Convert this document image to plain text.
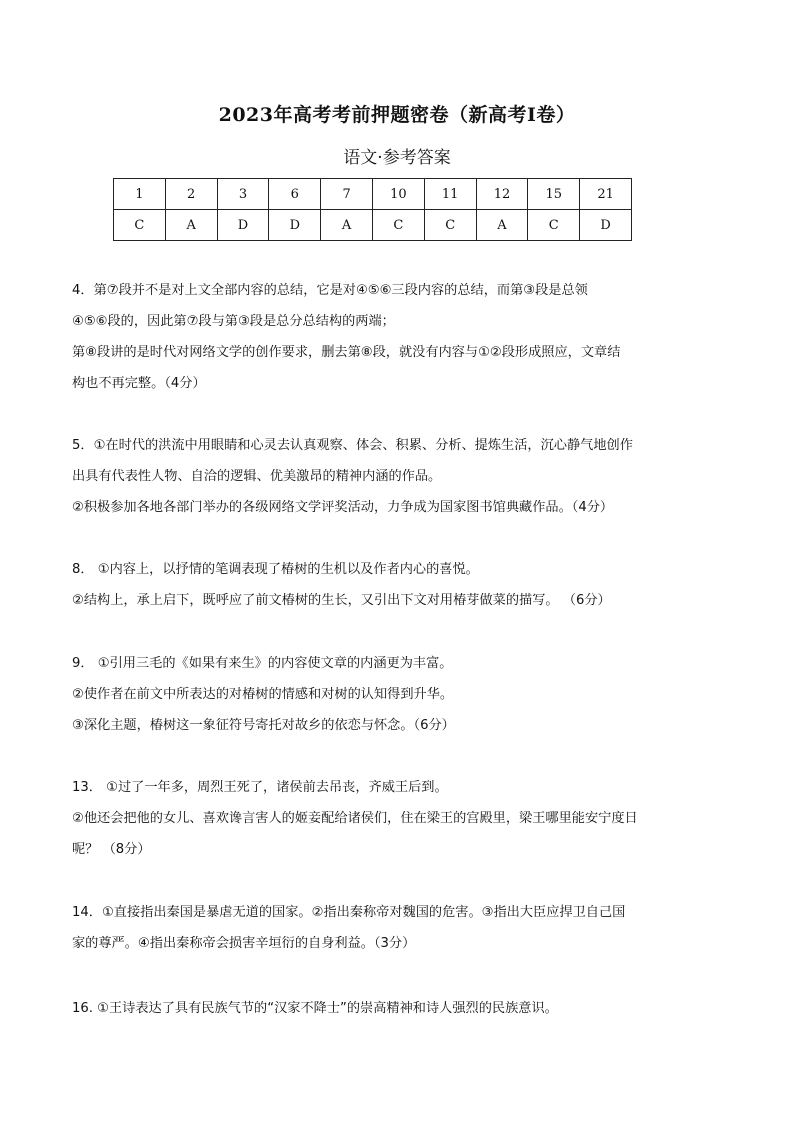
2023年高考考前押题密卷（新高考Ⅰ卷）
语文·参考答案
1	2	3	6	7	10	11	12	15	21
C	A	D	D	A	C	C	A	C	D
4．第⑦段并不是对上文全部内容的总结，它是对④⑤⑥三段内容的总结，而第③段是总领
④⑤⑥段的，因此第⑦段与第③段是总分总结构的两端；
第⑧段讲的是时代对网络文学的创作要求，删去第⑧段，就没有内容与①②段形成照应，文章结
构也不再完整。（4分）
5．①在时代的洪流中用眼睛和心灵去认真观察、体会、积累、分析、提炼生活，沉心静气地创作
出具有代表性人物、自洽的逻辑、优美激昂的精神内涵的作品。
②积极参加各地各部门举办的各级网络文学评奖活动，力争成为国家图书馆典藏作品。（4分）
8． ①内容上，以抒情的笔调表现了椿树的生机以及作者内心的喜悦。
②结构上，承上启下，既呼应了前文椿树的生长，又引出下文对用椿芽做菜的描写。 （6分）
9． ①引用三毛的《如果有来生》的内容使文章的内涵更为丰富。
②使作者在前文中所表达的对椿树的情感和对树的认知得到升华。
③深化主题，椿树这一象征符号寄托对故乡的依恋与怀念。（6分）
13． ①过了一年多，周烈王死了，诸侯前去吊丧，齐威王后到。
②他还会把他的女儿、喜欢谗言害人的姬妾配给诸侯们，住在梁王的宫殿里，梁王哪里能安宁度日
呢？ （8分）
14．①直接指出秦国是暴虐无道的国家。②指出秦称帝对魏国的危害。③指出大臣应捍卫自己国
家的尊严。④指出秦称帝会损害辛垣衍的自身利益。（3分）
16. ①王诗表达了具有民族气节的“汉家不降士”的崇高精神和诗人强烈的民族意识。
